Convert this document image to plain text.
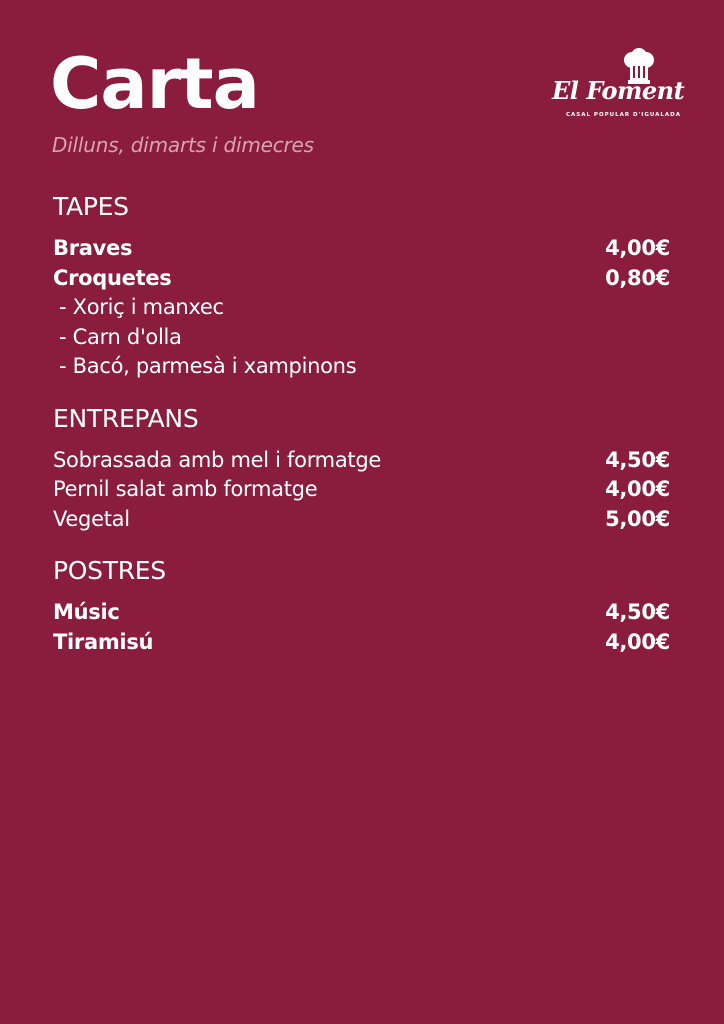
Carta
Dilluns, dimarts i dimecres
El Foment
CASAL POPULAR D'IGUALADA
TAPES
Braves	4,00€
Croquetes	0,80€
- Xoriç i manxec
- Carn d'olla
- Bacó, parmesà i xampinons
ENTREPANS
Sobrassada amb mel i formatge	4,50€
Pernil salat amb formatge	4,00€
Vegetal	5,00€
POSTRES
Músic	4,50€
Tiramisú	4,00€
